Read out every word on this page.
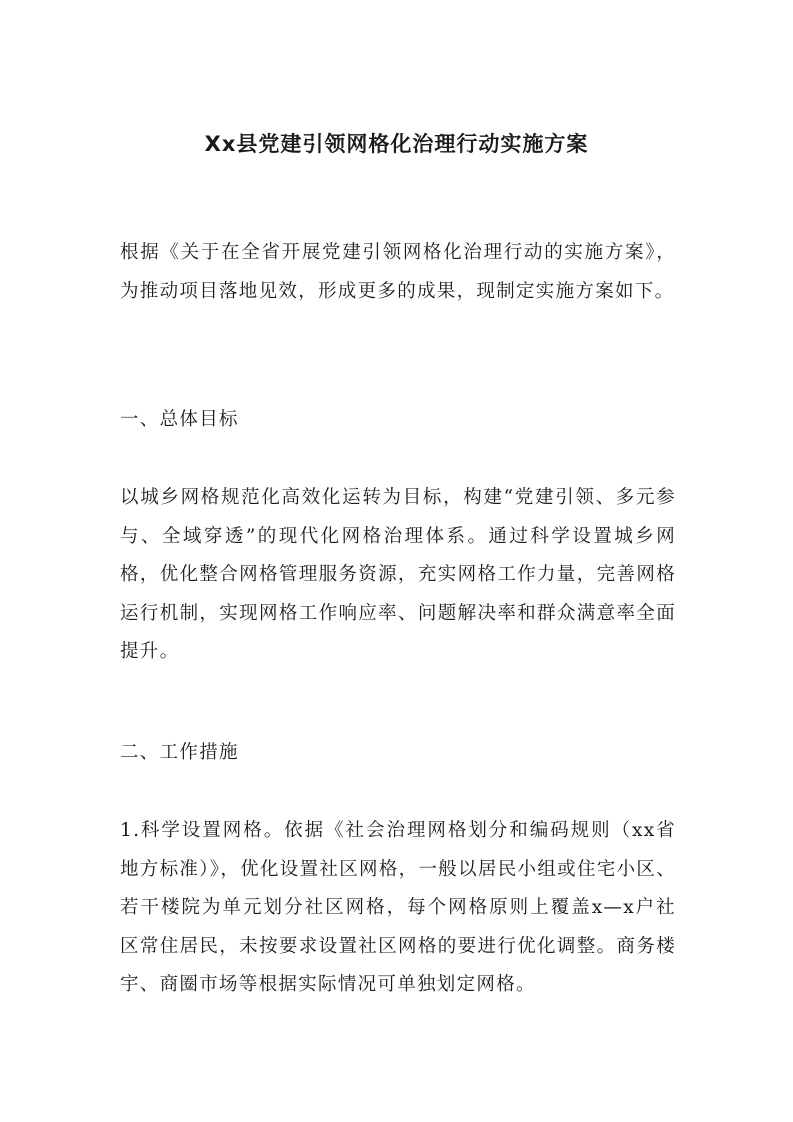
Xx县党建引领网格化治理行动实施方案

根据《关于在全省开展党建引领网格化治理行动的实施方案》，为推动项目落地见效，形成更多的成果，现制定实施方案如下。

一、总体目标

以城乡网格规范化高效化运转为目标，构建“党建引领、多元参与、全域穿透”的现代化网格治理体系。通过科学设置城乡网格，优化整合网格管理服务资源，充实网格工作力量，完善网格运行机制，实现网格工作响应率、问题解决率和群众满意率全面提升。

二、工作措施

1.科学设置网格。依据《社会治理网格划分和编码规则（xx省地方标准）》，优化设置社区网格，一般以居民小组或住宅小区、若干楼院为单元划分社区网格，每个网格原则上覆盖x—x户社区常住居民，未按要求设置社区网格的要进行优化调整。商务楼宇、商圈市场等根据实际情况可单独划定网格。
